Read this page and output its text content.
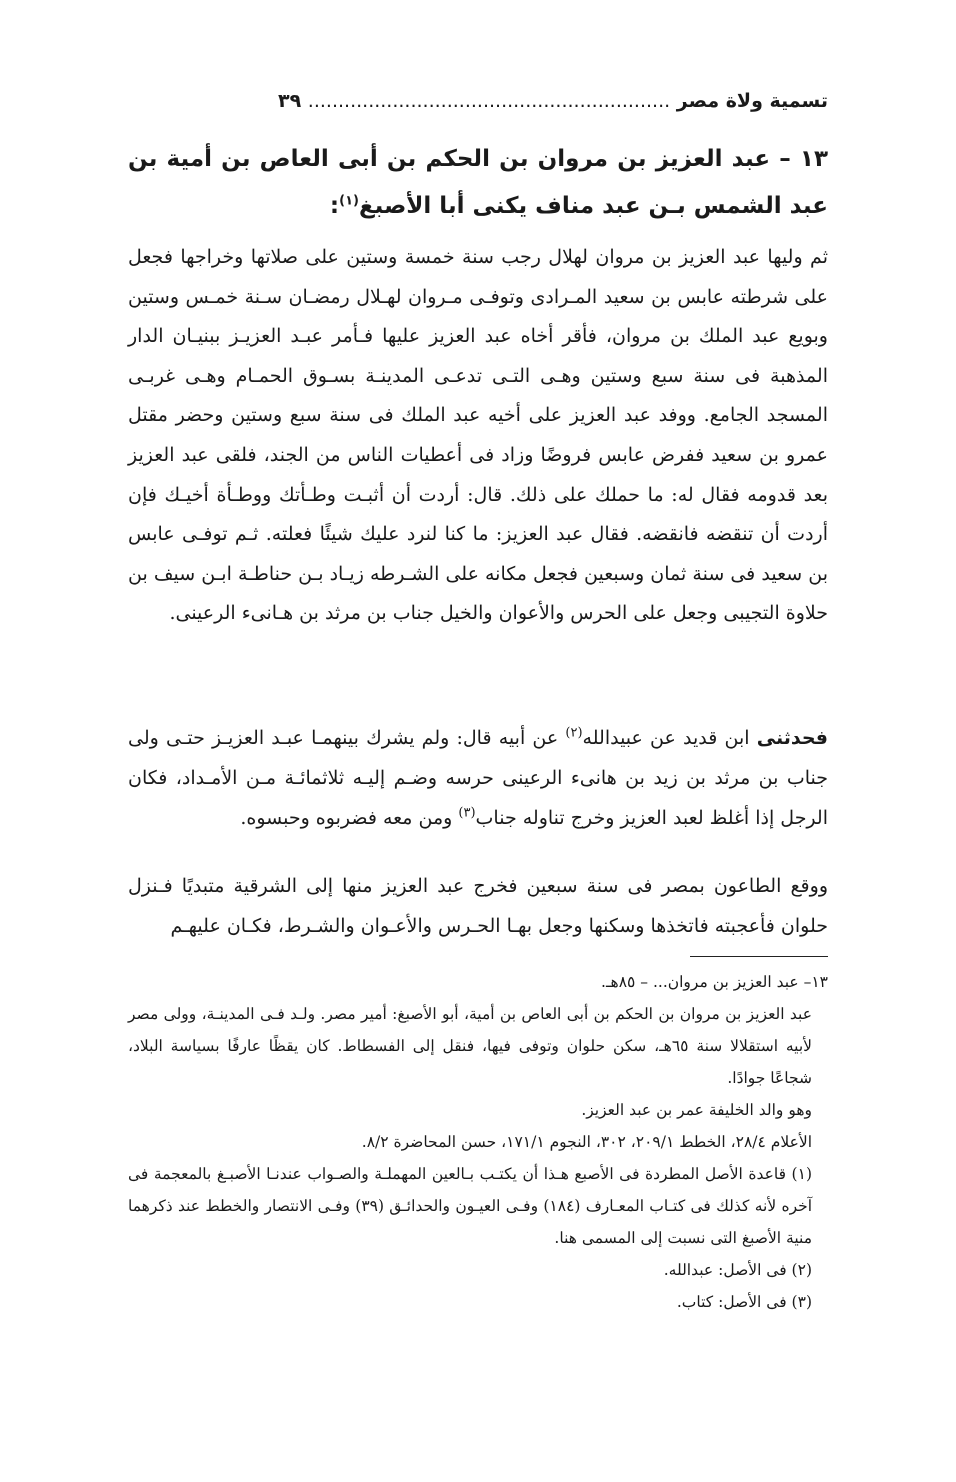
تسمية ولاة مصر ............................................................ ٣٩
١٣ – عبد العزيز بن مروان بن الحكم بن أبى العاص بن أمية بن عبد الشمس بـن عبد مناف يكنى أبا الأصبغ$^{(١)}$:
ثم وليها عبد العزيز بن مروان لهلال رجب سنة خمسة وستين على صلاتها وخراجها فجعل على شرطته عابس بن سعيد المـرادى وتوفـى مـروان لهـلال رمضـان سـنة خمـس وستين وبويع عبد الملك بن مروان، فأقر أخاه عبد العزيز عليها فـأمر عبـد العزيـز ببنيـان الدار المذهبة فى سنة سبع وستين وهـى التـى تدعـى المدينـة بسـوق الحمـام وهـى غربـى المسجد الجامع. ووفد عبد العزيز على أخيه عبد الملك فى سنة سبع وستين وحضر مقتل عمرو بن سعيد ففرض عابس فروضًا وزاد فى أعطيات الناس من الجند، فلقى عبد العزيز بعد قدومه فقال له: ما حملك على ذلك. قال: أردت أن أثبـت وطـأتك ووطـأة أخيـك فإن أردت أن تنقضه فانقضه. فقال عبد العزيز: ما كنا لنرد عليك شيئًا فعلته. ثـم توفـى عابس بن سعيد فى سنة ثمان وسبعين فجعل مكانه على الشـرطه زيـاد بـن حناطـة ابـن سيف بن حلاوة التجيبى وجعل على الحرس والأعوان والخيل جناب بن مرثد بن هـانىء الرعينى.
فحدثنى ابن قديد عن عبيدالله$^{(٢)}$ عن أبيه قال: ولم يشرك بينهمـا عبـد العزيـز حتـى ولى جناب بن مرثد بن زيد بن هانىء الرعينى حرسه وضـم إليـه ثلاثمائـة مـن الأمـداد، فكان الرجل إذا أغلظ لعبد العزيز وخرج تناوله جناب$^{(٣)}$ ومن معه فضربوه وحبسوه.
ووقع الطاعون بمصر فى سنة سبعين فخرج عبد العزيز منها إلى الشرقية متبديًا فـنزل حلوان فأعجبته فاتخذها وسكنها وجعل بهـا الحـرس والأعـوان والشـرط، فكـان عليهـم
١٣– عبد العزيز بن مروان... – ٨٥هـ.
عبد العزيز بن مروان بن الحكم بن أبى العاص بن أمية، أبو الأصبغ: أمير مصر. ولـد فـى المدينـة، وولى مصر لأبيه استقلالا سنة ٦٥هـ، سكن حلوان وتوفى فيها، فنقل إلى الفسطاط. كان يقظًا عارفًا بسياسة البلاد، شجاعًا جوادًا.
وهو والد الخليفة عمر بن عبد العزيز.
الأعلام ٢٨/٤، الخطط ٢٠٩/١، ٣٠٢، النجوم ١٧١/١، حسن المحاضرة ٨/٢.
(١) قاعدة الأصل المطردة فى الأصبع هـذا أن يكتـب بـالعين المهملـة والصـواب عندنـا الأصبـغ بالمعجمة فى آخره لأنه كذلك فى كتـاب المعـارف (١٨٤) وفـى العيـون والحدائـق (٣٩) وفـى الانتصار والخطط عند ذكرهما منية الأصبغ التى نسبت إلى المسمى هنا.
(٢) فى الأصل: عبدالله.
(٣) فى الأصل: كتاب.
